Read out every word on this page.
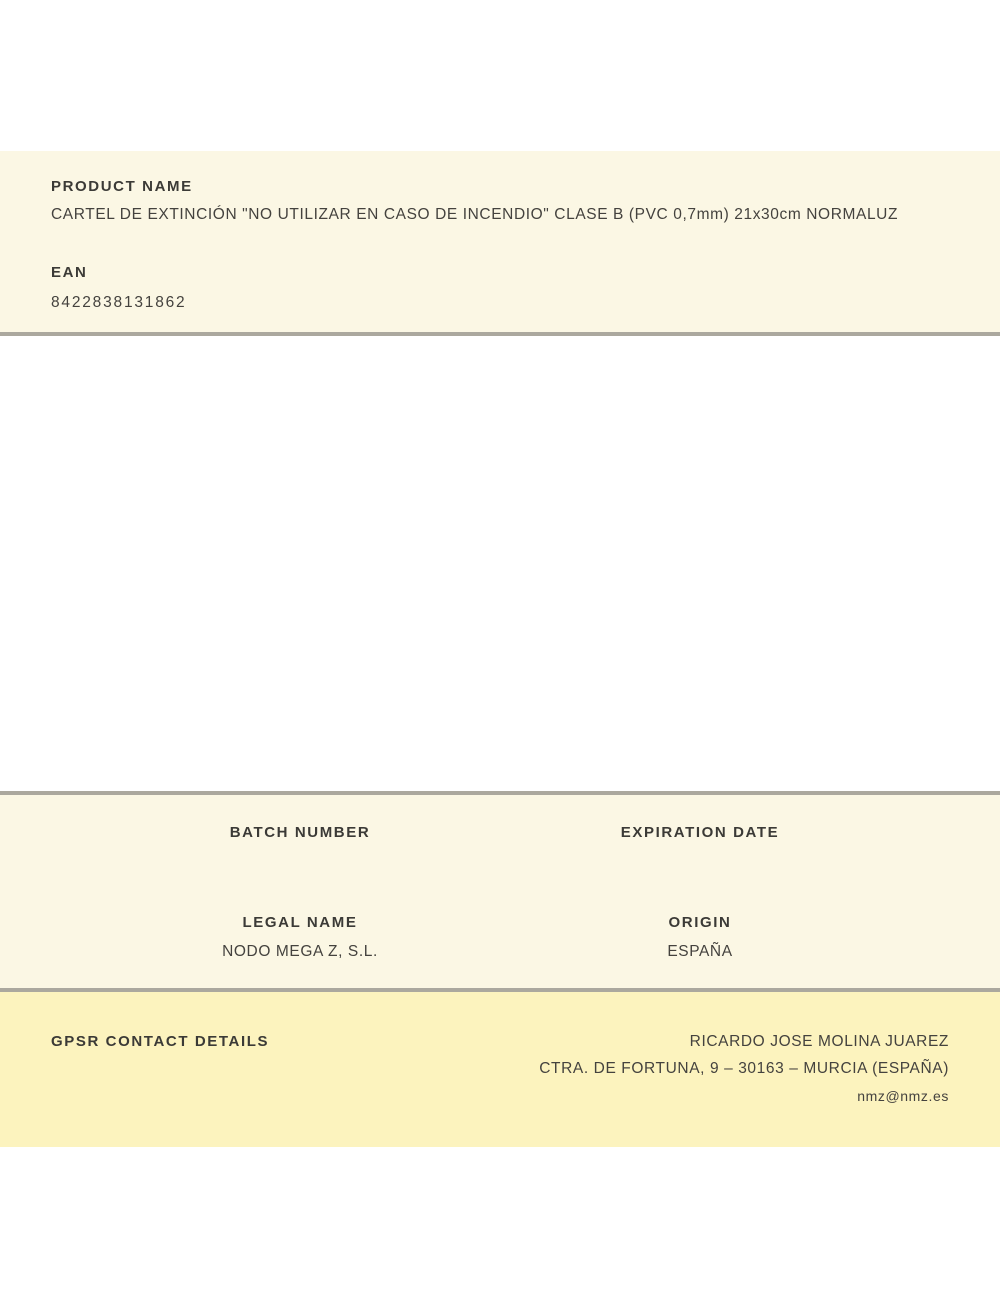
PRODUCT NAME
CARTEL DE EXTINCIÓN "NO UTILIZAR EN CASO DE INCENDIO" CLASE B (PVC 0,7mm) 21x30cm NORMALUZ
EAN
8422838131862
BATCH NUMBER	EXPIRATION DATE
LEGAL NAME
NODO MEGA Z, S.L.
ORIGIN
ESPAÑA
GPSR CONTACT DETAILS	RICARDO JOSE MOLINA JUAREZ
CTRA. DE FORTUNA, 9 – 30163 – MURCIA (ESPAÑA)
nmz@nmz.es
